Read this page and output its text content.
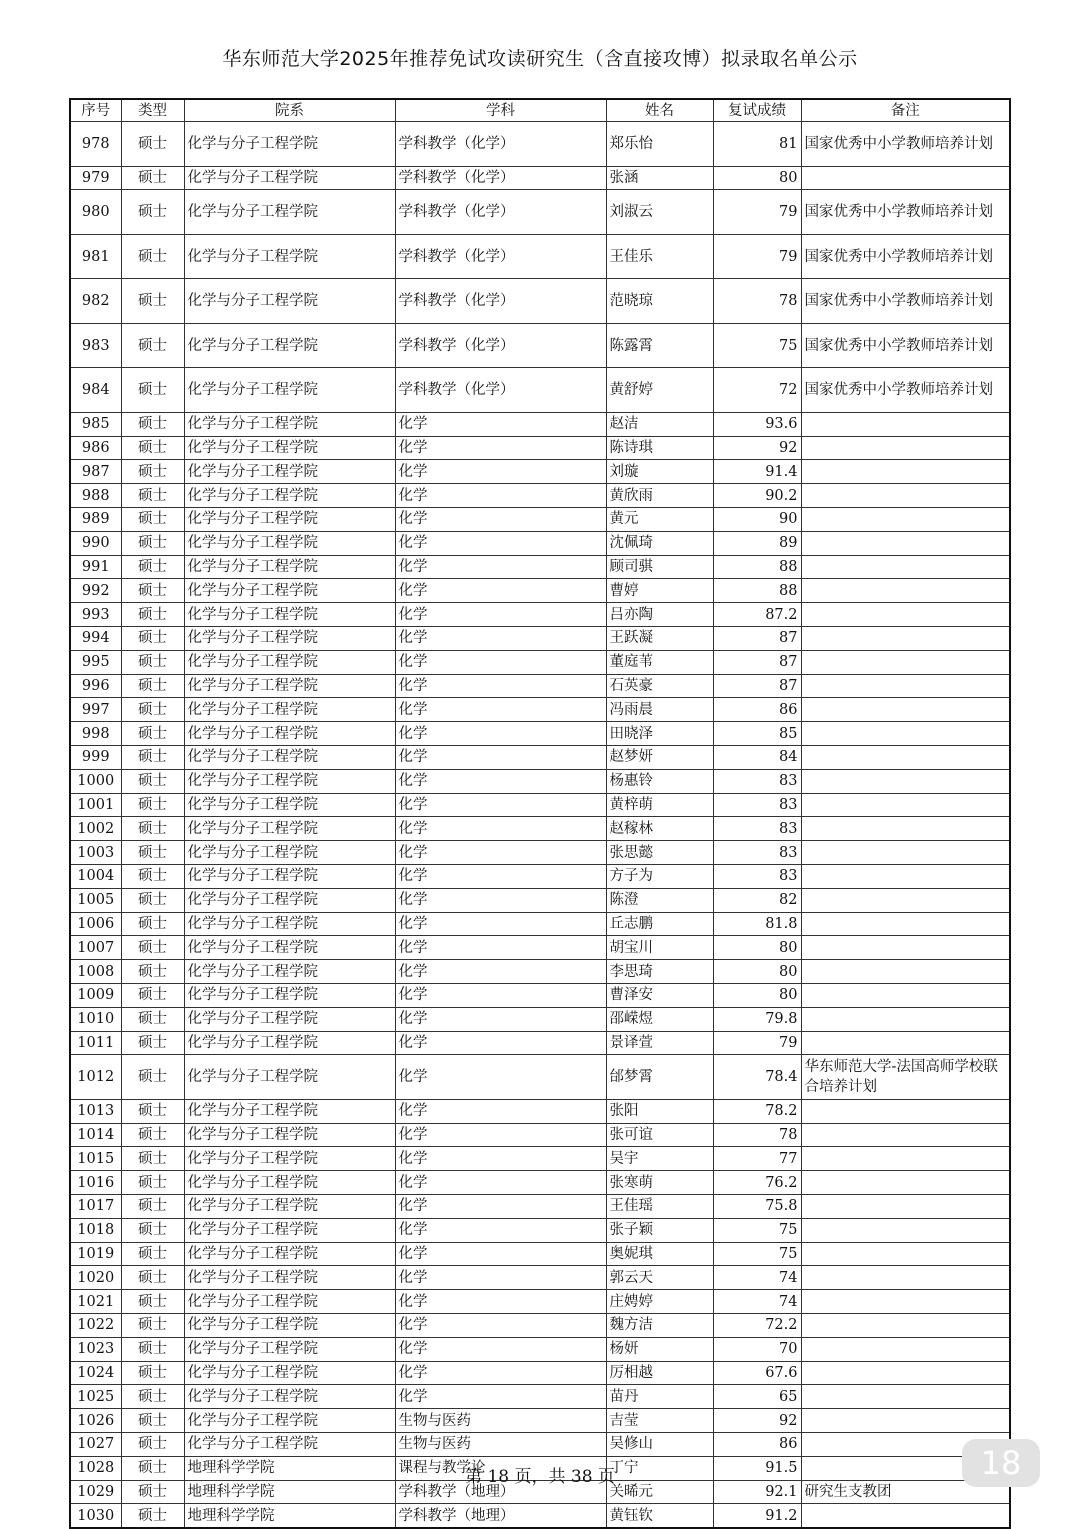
华东师范大学2025年推荐免试攻读研究生（含直接攻博）拟录取名单公示
序号	类型	院系	学科	姓名	复试成绩	备注
978	硕士	化学与分子工程学院	学科教学（化学）	郑乐怡	81	国家优秀中小学教师培养计划
979	硕士	化学与分子工程学院	学科教学（化学）	张涵	80	
980	硕士	化学与分子工程学院	学科教学（化学）	刘淑云	79	国家优秀中小学教师培养计划
981	硕士	化学与分子工程学院	学科教学（化学）	王佳乐	79	国家优秀中小学教师培养计划
982	硕士	化学与分子工程学院	学科教学（化学）	范晓琼	78	国家优秀中小学教师培养计划
983	硕士	化学与分子工程学院	学科教学（化学）	陈露霄	75	国家优秀中小学教师培养计划
984	硕士	化学与分子工程学院	学科教学（化学）	黄舒婷	72	国家优秀中小学教师培养计划
985	硕士	化学与分子工程学院	化学	赵洁	93.6	
986	硕士	化学与分子工程学院	化学	陈诗琪	92	
987	硕士	化学与分子工程学院	化学	刘璇	91.4	
988	硕士	化学与分子工程学院	化学	黄欣雨	90.2	
989	硕士	化学与分子工程学院	化学	黄元	90	
990	硕士	化学与分子工程学院	化学	沈佩琦	89	
991	硕士	化学与分子工程学院	化学	顾司骐	88	
992	硕士	化学与分子工程学院	化学	曹婷	88	
993	硕士	化学与分子工程学院	化学	吕亦陶	87.2	
994	硕士	化学与分子工程学院	化学	王跃凝	87	
995	硕士	化学与分子工程学院	化学	董庭苇	87	
996	硕士	化学与分子工程学院	化学	石英豪	87	
997	硕士	化学与分子工程学院	化学	冯雨晨	86	
998	硕士	化学与分子工程学院	化学	田晓泽	85	
999	硕士	化学与分子工程学院	化学	赵梦妍	84	
1000	硕士	化学与分子工程学院	化学	杨惠铃	83	
1001	硕士	化学与分子工程学院	化学	黄梓萌	83	
1002	硕士	化学与分子工程学院	化学	赵稼林	83	
1003	硕士	化学与分子工程学院	化学	张思懿	83	
1004	硕士	化学与分子工程学院	化学	方子为	83	
1005	硕士	化学与分子工程学院	化学	陈澄	82	
1006	硕士	化学与分子工程学院	化学	丘志鹏	81.8	
1007	硕士	化学与分子工程学院	化学	胡宝川	80	
1008	硕士	化学与分子工程学院	化学	李思琦	80	
1009	硕士	化学与分子工程学院	化学	曹泽安	80	
1010	硕士	化学与分子工程学院	化学	邵嵘煜	79.8	
1011	硕士	化学与分子工程学院	化学	景译萱	79	
1012	硕士	化学与分子工程学院	化学	邰梦霄	78.4	华东师范大学-法国高师学校联合培养计划
1013	硕士	化学与分子工程学院	化学	张阳	78.2	
1014	硕士	化学与分子工程学院	化学	张可谊	78	
1015	硕士	化学与分子工程学院	化学	吴宇	77	
1016	硕士	化学与分子工程学院	化学	张寒萌	76.2	
1017	硕士	化学与分子工程学院	化学	王佳瑶	75.8	
1018	硕士	化学与分子工程学院	化学	张子颖	75	
1019	硕士	化学与分子工程学院	化学	奥妮琪	75	
1020	硕士	化学与分子工程学院	化学	郭云天	74	
1021	硕士	化学与分子工程学院	化学	庄娉婷	74	
1022	硕士	化学与分子工程学院	化学	魏方洁	72.2	
1023	硕士	化学与分子工程学院	化学	杨妍	70	
1024	硕士	化学与分子工程学院	化学	厉相越	67.6	
1025	硕士	化学与分子工程学院	化学	苗丹	65	
1026	硕士	化学与分子工程学院	生物与医药	吉莹	92	
1027	硕士	化学与分子工程学院	生物与医药	吴修山	86	
1028	硕士	地理科学学院	课程与教学论	丁宁	91.5	
1029	硕士	地理科学学院	学科教学（地理）	关晞元	92.1	研究生支教团
1030	硕士	地理科学学院	学科教学（地理）	黄钰钦	91.2	
第 18 页，共 38 页	18
